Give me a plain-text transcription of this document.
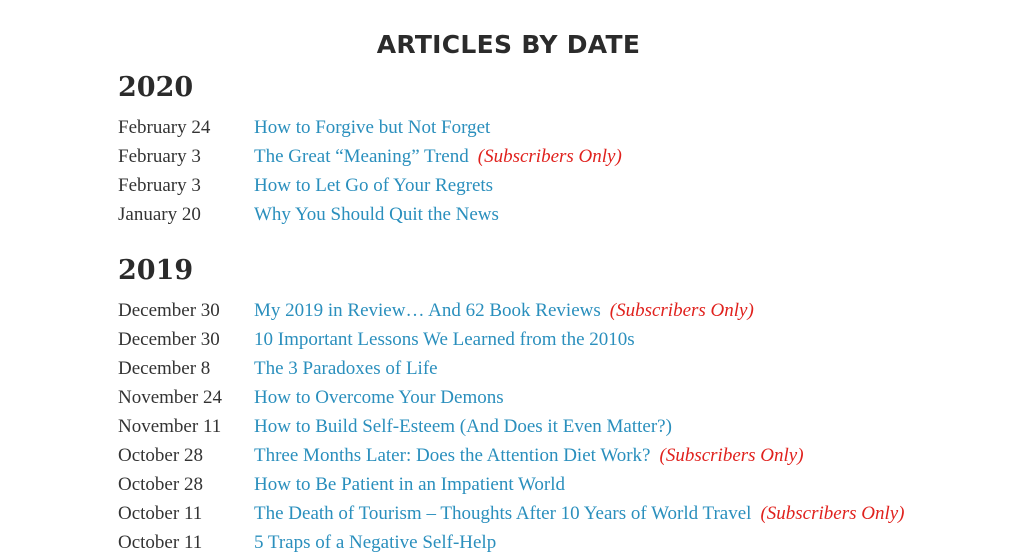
ARTICLES BY DATE
2020
February 24 How to Forgive but Not Forget
February 3	The Great “Meaning” Trend (Subscribers Only)
February 3	How to Let Go of Your Regrets
January 20	Why You Should Quit the News
2019
December 30 My 2019 in Review… And 62 Book Reviews (Subscribers Only)
December 30 10 Important Lessons We Learned from the 2010s
December 8 The 3 Paradoxes of Life
November 24 How to Overcome Your Demons
November 11 How to Build Self-Esteem (And Does it Even Matter?)
October 28	Three Months Later: Does the Attention Diet Work? (Subscribers Only)
October 28	How to Be Patient in an Impatient World
October 11	The Death of Tourism – Thoughts After 10 Years of World Travel (Subscribers Only)
October 11	5 Traps of a Negative Self-Help
